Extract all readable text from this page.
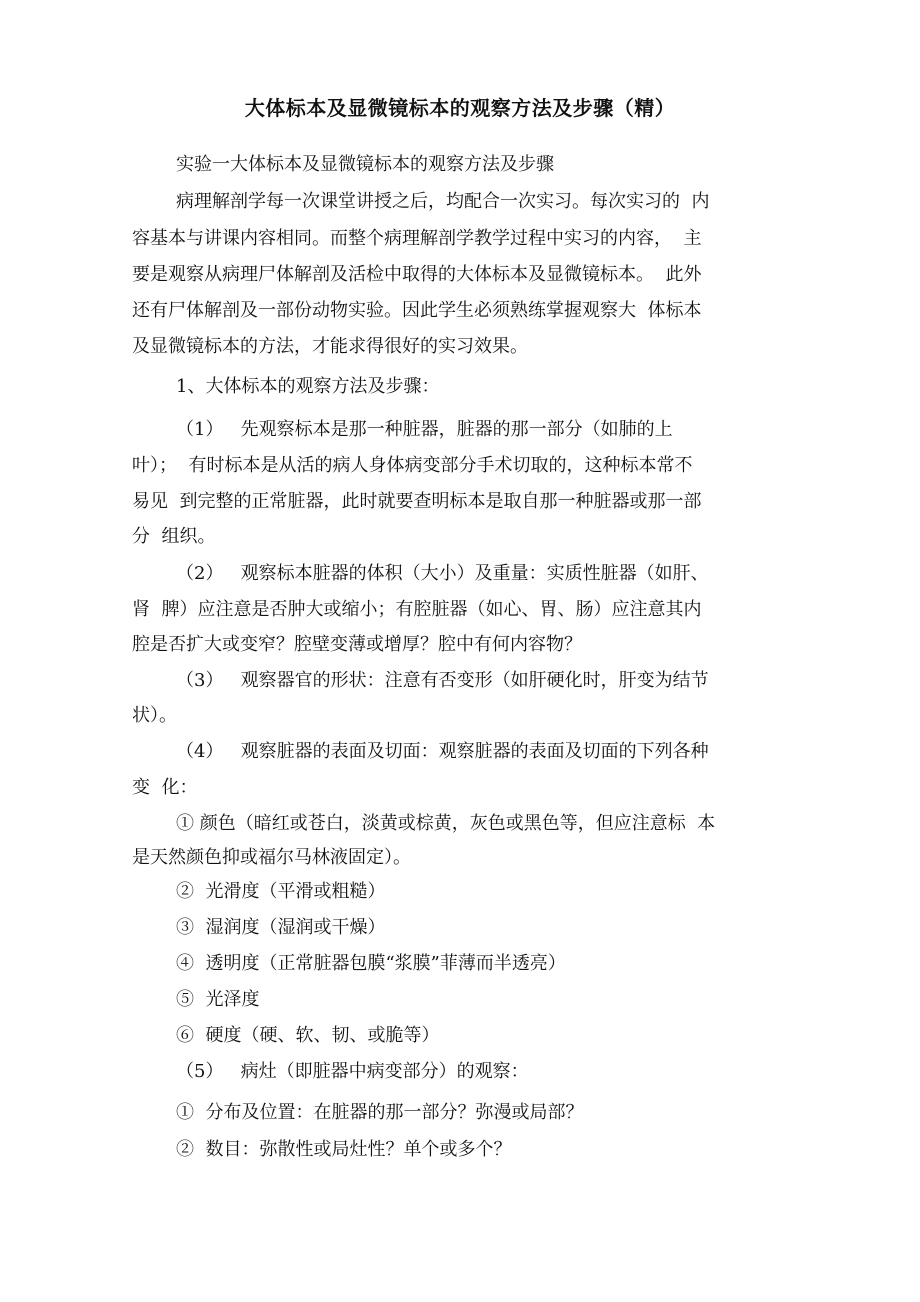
大体标本及显微镜标本的观察方法及步骤（精）
实验一大体标本及显微镜标本的观察方法及步骤
病理解剖学每一次课堂讲授之后，均配合一次实习。每次实习的  内
容基本与讲课内容相同。而整个病理解剖学教学过程中实习的内容，  主
要是观察从病理尸体解剖及活检中取得的大体标本及显微镜标本。  此外
还有尸体解剖及一部份动物实验。因此学生必须熟练掌握观察大  体标本
及显微镜标本的方法，才能求得很好的实习效果。
1、大体标本的观察方法及步骤：
（1）   先观察标本是那一种脏器，脏器的那一部分（如肺的上
叶）；  有时标本是从活的病人身体病变部分手术切取的，这种标本常不
易见  到完整的正常脏器，此时就要查明标本是取自那一种脏器或那一部
分  组织。
（2）   观察标本脏器的体积（大小）及重量：实质性脏器（如肝、
肾  脾）应注意是否肿大或缩小；有腔脏器（如心、胃、肠）应注意其内
腔是否扩大或变窄？腔壁变薄或增厚？腔中有何内容物？
（3）   观察器官的形状：注意有否变形（如肝硬化时，肝变为结节
状）。
（4）   观察脏器的表面及切面：观察脏器的表面及切面的下列各种
变  化：
① 颜色（暗红或苍白，淡黄或棕黄，灰色或黑色等，但应注意标  本
是天然颜色抑或福尔马林液固定）。
②  光滑度（平滑或粗糙）
③  湿润度（湿润或干燥）
④  透明度（正常脏器包膜“浆膜”菲薄而半透亮）
⑤  光泽度
⑥  硬度（硬、软、韧、或脆等）
（5）   病灶（即脏器中病变部分）的观察：
①  分布及位置：在脏器的那一部分？弥漫或局部？
②  数目：弥散性或局灶性？单个或多个？
